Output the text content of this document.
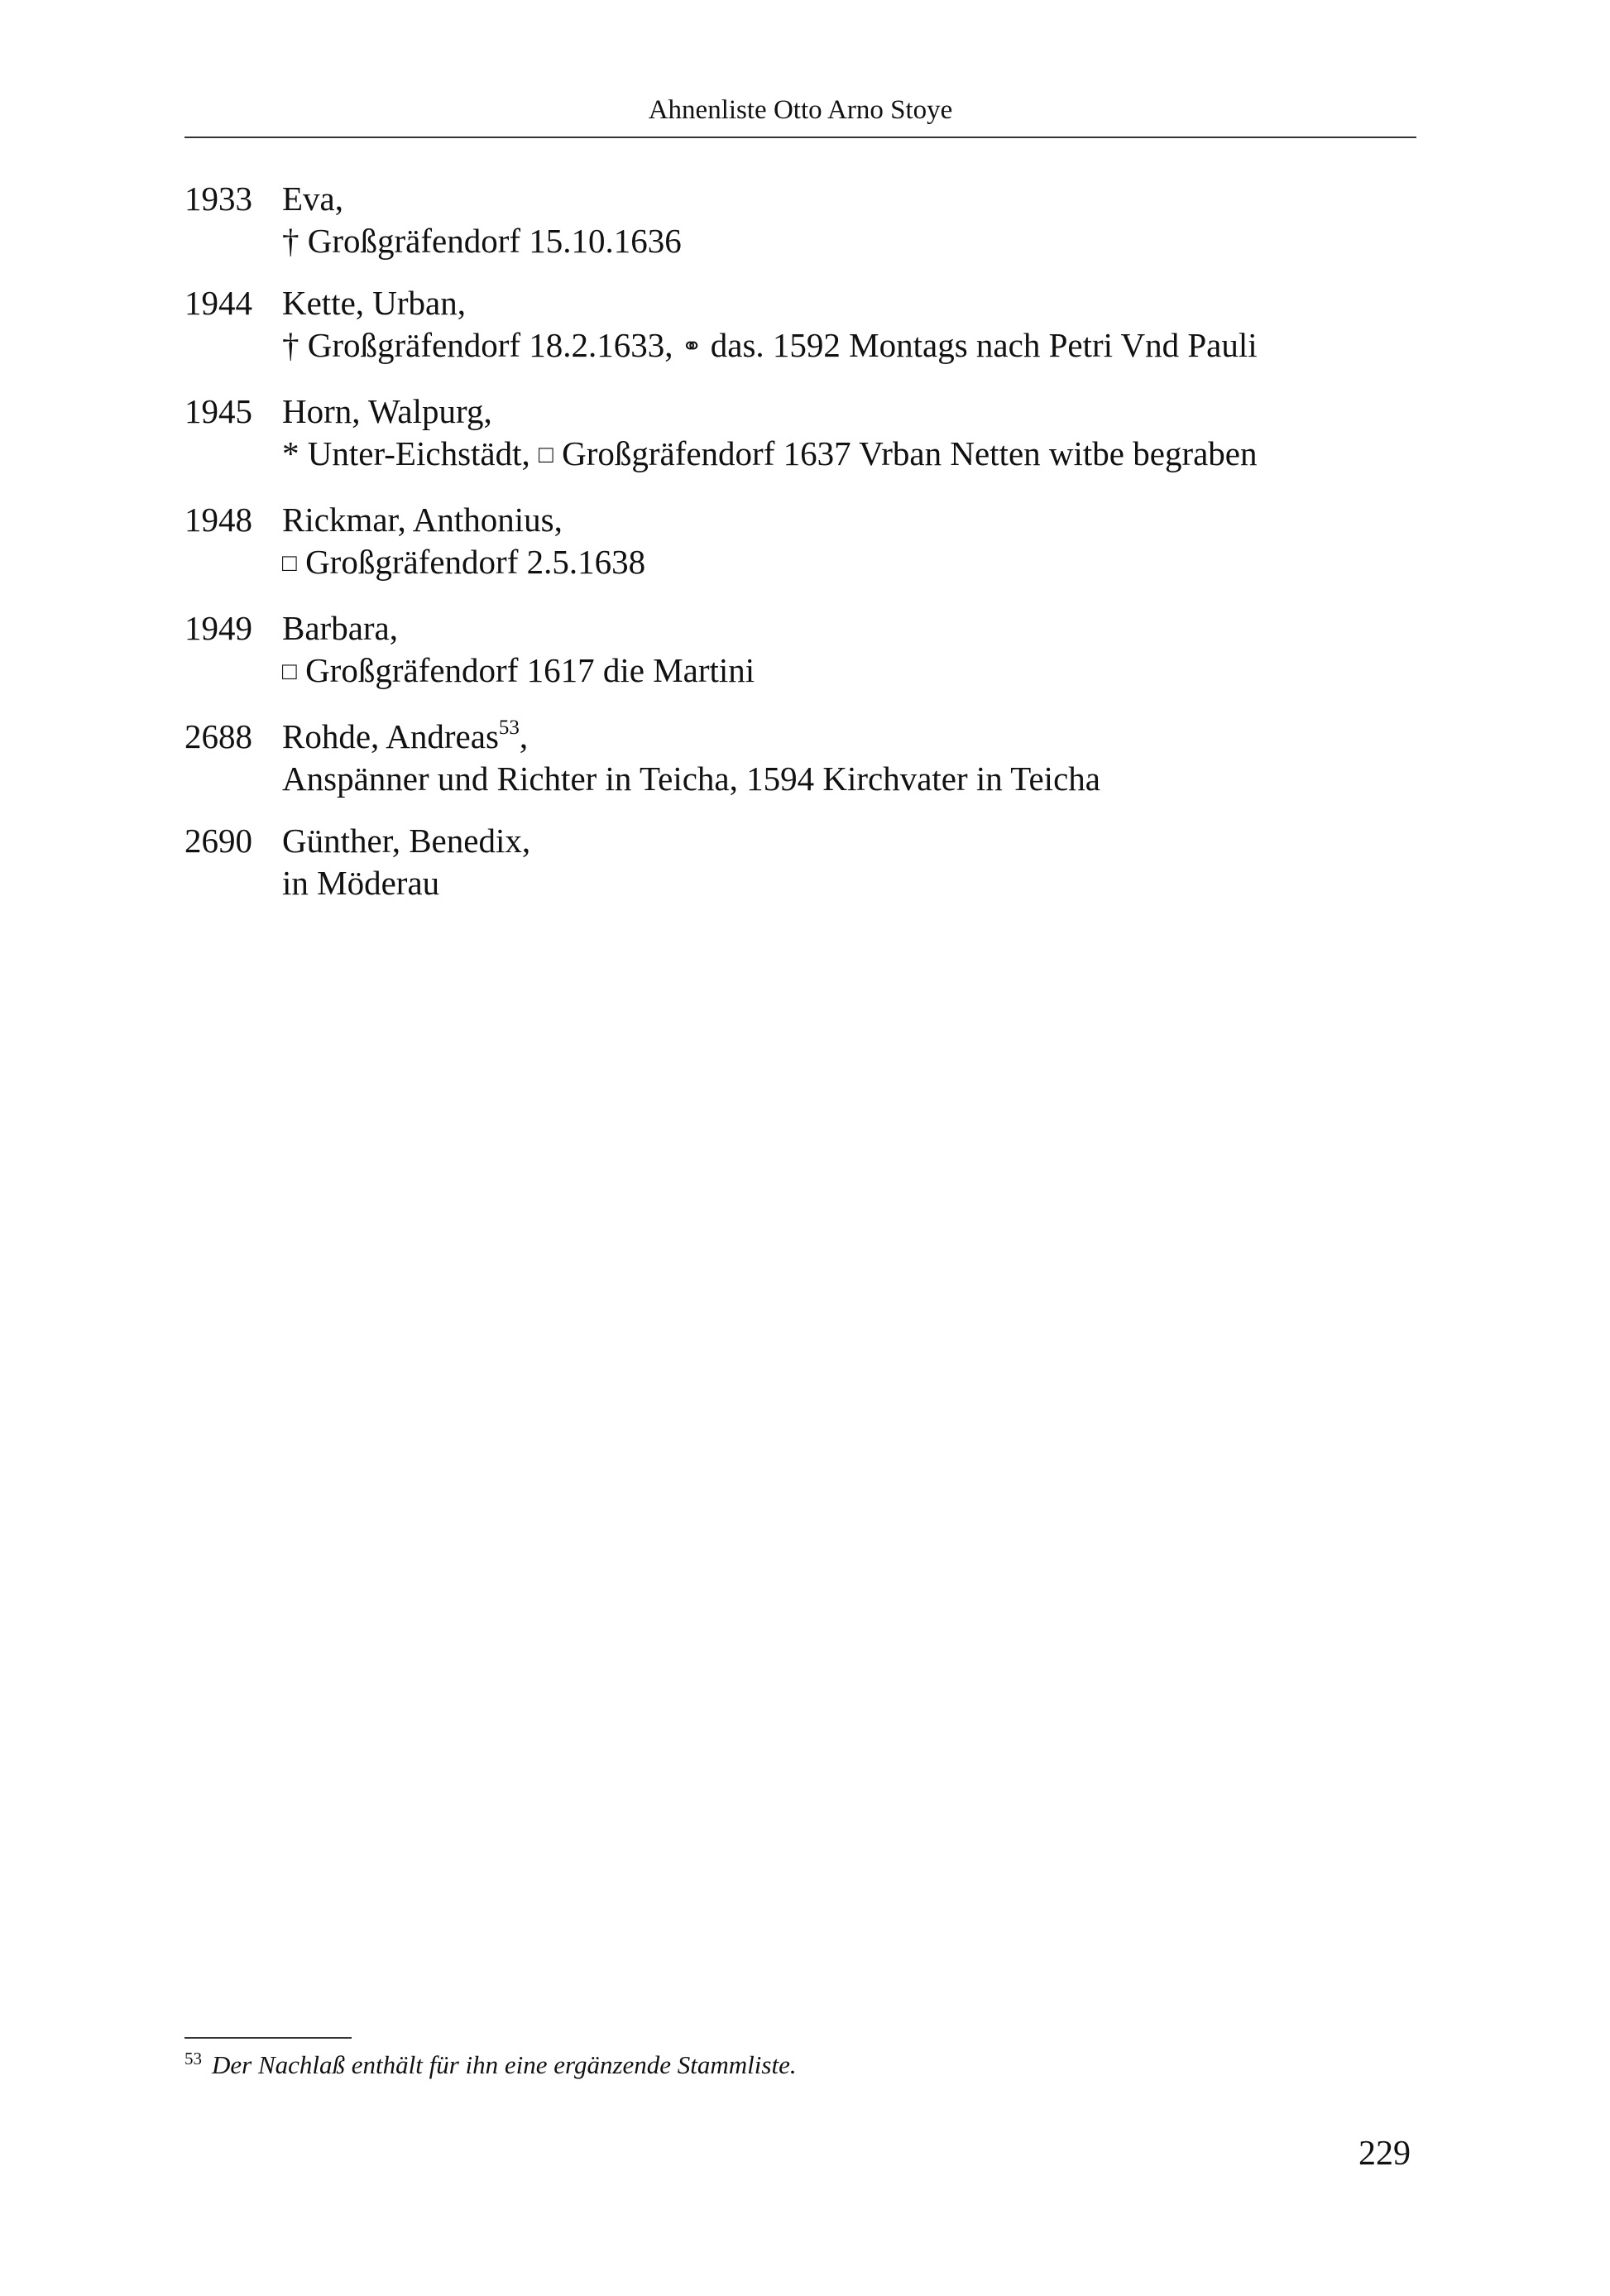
Ahnenliste Otto Arno Stoye
1933 Eva,
† Großgräfendorf 15.10.1636
1944 Kette, Urban,
† Großgräfendorf 18.2.1633, ⚭ das. 1592 Montags nach Petri Vnd Pauli
1945 Horn, Walpurg,
* Unter-Eichstädt, □ Großgräfendorf 1637 Vrban Netten witbe begraben
1948 Rickmar, Anthonius,
□ Großgräfendorf 2.5.1638
1949 Barbara,
□ Großgräfendorf 1617 die Martini
2688 Rohde, Andreas$^{53}$,
Anspänner und Richter in Teicha, 1594 Kirchvater in Teicha
2690 Günther, Benedix,
in Möderau
$^{53}$ Der Nachlaß enthält für ihn eine ergänzende Stammliste.
229
